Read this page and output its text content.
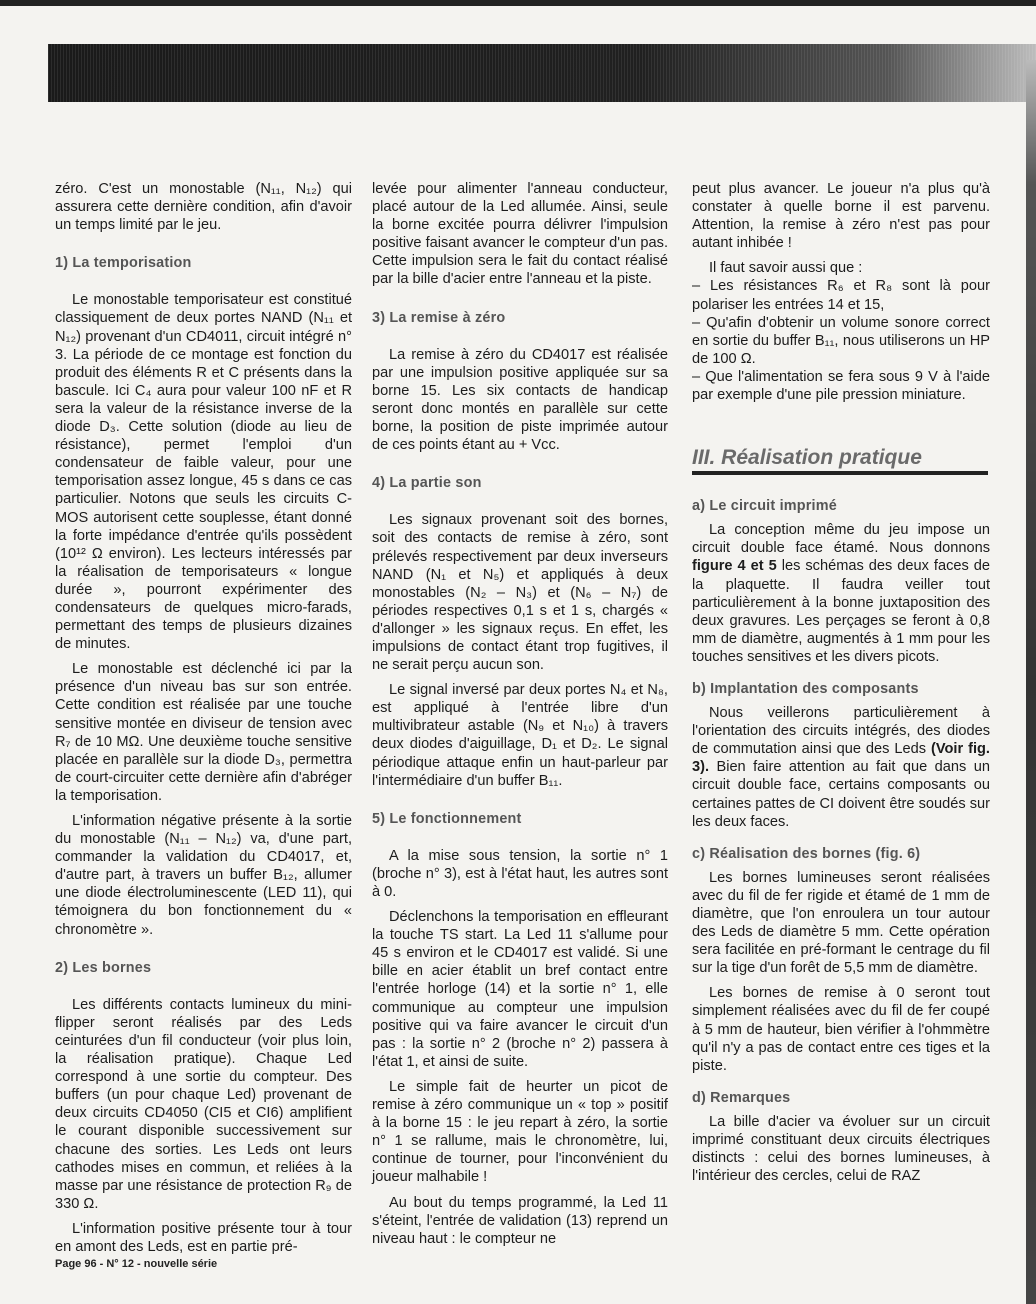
zéro. C'est un monostable (N₁₁, N₁₂) qui assurera cette dernière condition, afin d'avoir un temps limité par le jeu.

1) La temporisation

Le monostable temporisateur est constitué classiquement de deux portes NAND (N₁₁ et N₁₂) provenant d'un CD4011, circuit intégré n° 3. La période de ce montage est fonction du produit des éléments R et C présents dans la bascule. Ici C₄ aura pour valeur 100 nF et R sera la valeur de la résistance inverse de la diode D₃. Cette solution (diode au lieu de résistance), permet l'emploi d'un condensateur de faible valeur, pour une temporisation assez longue, 45 s dans ce cas particulier. Notons que seuls les circuits C-MOS autorisent cette souplesse, étant donné la forte impédance d'entrée qu'ils possèdent (10¹² Ω environ). Les lecteurs intéressés par la réalisation de temporisateurs « longue durée », pourront expérimenter des condensateurs de quelques micro-farads, permettant des temps de plusieurs dizaines de minutes.

Le monostable est déclenché ici par la présence d'un niveau bas sur son entrée. Cette condition est réalisée par une touche sensitive montée en diviseur de tension avec R₇ de 10 MΩ. Une deuxième touche sensitive placée en parallèle sur la diode D₃, permettra de court-circuiter cette dernière afin d'abréger la temporisation.

L'information négative présente à la sortie du monostable (N₁₁ – N₁₂) va, d'une part, commander la validation du CD4017, et, d'autre part, à travers un buffer B₁₂, allumer une diode électroluminescente (LED 11), qui témoignera du bon fonctionnement du « chronomètre ».

2) Les bornes

Les différents contacts lumineux du mini-flipper seront réalisés par des Leds ceinturées d'un fil conducteur (voir plus loin, la réalisation pratique). Chaque Led correspond à une sortie du compteur. Des buffers (un pour chaque Led) provenant de deux circuits CD4050 (CI5 et CI6) amplifient le courant disponible successivement sur chacune des sorties. Les Leds ont leurs cathodes mises en commun, et reliées à la masse par une résistance de protection R₉ de 330 Ω.

L'information positive présente tour à tour en amont des Leds, est en partie pré-

levée pour alimenter l'anneau conducteur, placé autour de la Led allumée. Ainsi, seule la borne excitée pourra délivrer l'impulsion positive faisant avancer le compteur d'un pas. Cette impulsion sera le fait du contact réalisé par la bille d'acier entre l'anneau et la piste.

3) La remise à zéro

La remise à zéro du CD4017 est réalisée par une impulsion positive appliquée sur sa borne 15. Les six contacts de handicap seront donc montés en parallèle sur cette borne, la position de piste imprimée autour de ces points étant au + Vcc.

4) La partie son

Les signaux provenant soit des bornes, soit des contacts de remise à zéro, sont prélevés respectivement par deux inverseurs NAND (N₁ et N₅) et appliqués à deux monostables (N₂ – N₃) et (N₆ – N₇) de périodes respectives 0,1 s et 1 s, chargés « d'allonger » les signaux reçus. En effet, les impulsions de contact étant trop fugitives, il ne serait perçu aucun son.

Le signal inversé par deux portes N₄ et N₈, est appliqué à l'entrée libre d'un multivibrateur astable (N₉ et N₁₀) à travers deux diodes d'aiguillage, D₁ et D₂. Le signal périodique attaque enfin un haut-parleur par l'intermédiaire d'un buffer B₁₁.

5) Le fonctionnement

A la mise sous tension, la sortie n° 1 (broche n° 3), est à l'état haut, les autres sont à 0.

Déclenchons la temporisation en effleurant la touche TS start. La Led 11 s'allume pour 45 s environ et le CD4017 est validé. Si une bille en acier établit un bref contact entre l'entrée horloge (14) et la sortie n° 1, elle communique au compteur une impulsion positive qui va faire avancer le circuit d'un pas : la sortie n° 2 (broche n° 2) passera à l'état 1, et ainsi de suite.

Le simple fait de heurter un picot de remise à zéro communique un « top » positif à la borne 15 : le jeu repart à zéro, la sortie n° 1 se rallume, mais le chronomètre, lui, continue de tourner, pour l'inconvénient du joueur malhabile !

Au bout du temps programmé, la Led 11 s'éteint, l'entrée de validation (13) reprend un niveau haut : le compteur ne

peut plus avancer. Le joueur n'a plus qu'à constater à quelle borne il est parvenu. Attention, la remise à zéro n'est pas pour autant inhibée !

Il faut savoir aussi que :

– Les résistances R₆ et R₈ sont là pour polariser les entrées 14 et 15,

– Qu'afin d'obtenir un volume sonore correct en sortie du buffer B₁₁, nous utiliserons un HP de 100 Ω.

– Que l'alimentation se fera sous 9 V à l'aide par exemple d'une pile pression miniature.

III. Réalisation pratique
a) Le circuit imprimé

La conception même du jeu impose un circuit double face étamé. Nous donnons figure 4 et 5 les schémas des deux faces de la plaquette. Il faudra veiller tout particulièrement à la bonne juxtaposition des deux gravures. Les perçages se feront à 0,8 mm de diamètre, augmentés à 1 mm pour les touches sensitives et les divers picots.

b) Implantation des composants

Nous veillerons particulièrement à l'orientation des circuits intégrés, des diodes de commutation ainsi que des Leds (Voir fig. 3). Bien faire attention au fait que dans un circuit double face, certains composants ou certaines pattes de CI doivent être soudés sur les deux faces.

c) Réalisation des bornes (fig. 6)

Les bornes lumineuses seront réalisées avec du fil de fer rigide et étamé de 1 mm de diamètre, que l'on enroulera un tour autour des Leds de diamètre 5 mm. Cette opération sera facilitée en pré-formant le centrage du fil sur la tige d'un forêt de 5,5 mm de diamètre.

Les bornes de remise à 0 seront tout simplement réalisées avec du fil de fer coupé à 5 mm de hauteur, bien vérifier à l'ohmmètre qu'il n'y a pas de contact entre ces tiges et la piste.

d) Remarques

La bille d'acier va évoluer sur un circuit imprimé constituant deux circuits électriques distincts : celui des bornes lumineuses, à l'intérieur des cercles, celui de RAZ

Page 96 - N° 12 - nouvelle série
